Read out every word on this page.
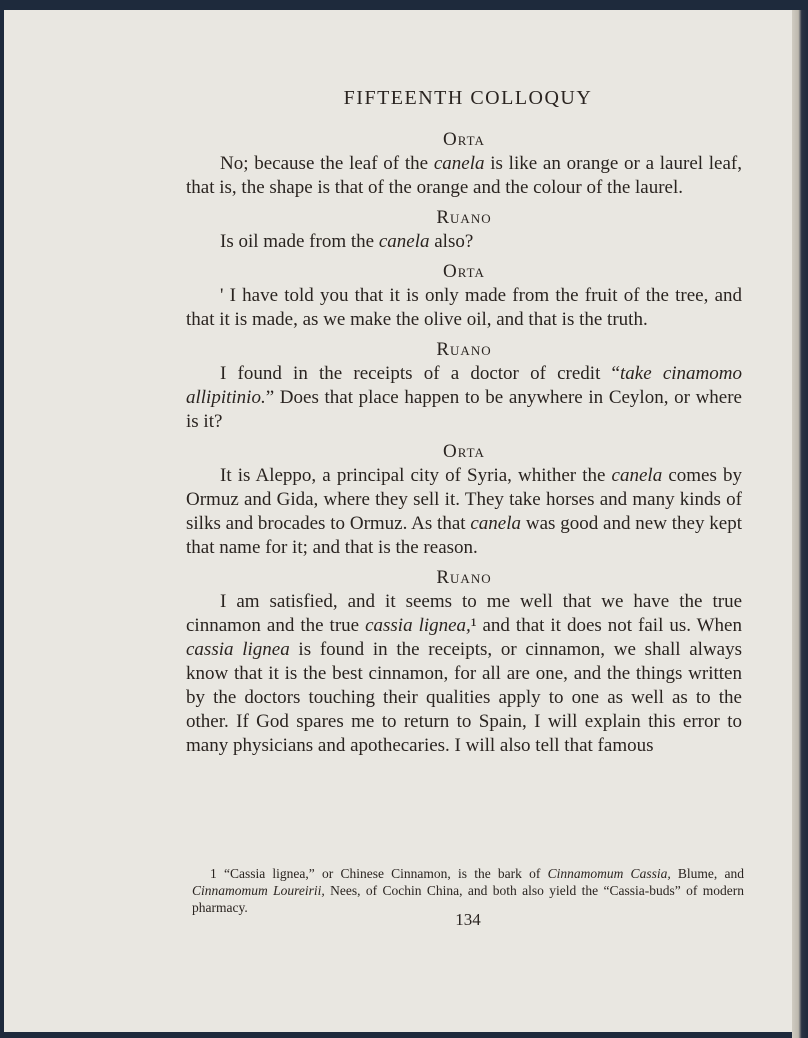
FIFTEENTH COLLOQUY

Orta

No; because the leaf of the canela is like an orange or a laurel leaf, that is, the shape is that of the orange and the colour of the laurel.

Ruano

Is oil made from the canela also?

Orta

' I have told you that it is only made from the fruit of the tree, and that it is made, as we make the olive oil, and that is the truth.

Ruano

I found in the receipts of a doctor of credit “take cinamomo allipitinio.” Does that place happen to be anywhere in Ceylon, or where is it?

Orta

It is Aleppo, a principal city of Syria, whither the canela comes by Ormuz and Gida, where they sell it. They take horses and many kinds of silks and brocades to Ormuz. As that canela was good and new they kept that name for it; and that is the reason.

Ruano

I am satisfied, and it seems to me well that we have the true cinnamon and the true cassia lignea,¹ and that it does not fail us. When cassia lignea is found in the receipts, or cinnamon, we shall always know that it is the best cinnamon, for all are one, and the things written by the doctors touching their qualities apply to one as well as to the other. If God spares me to return to Spain, I will explain this error to many physicians and apothecaries. I will also tell that famous

1 “Cassia lignea,” or Chinese Cinnamon, is the bark of Cinnamomum Cassia, Blume, and Cinnamomum Loureirii, Nees, of Cochin China, and both also yield the “Cassia-buds” of modern pharmacy.
134
